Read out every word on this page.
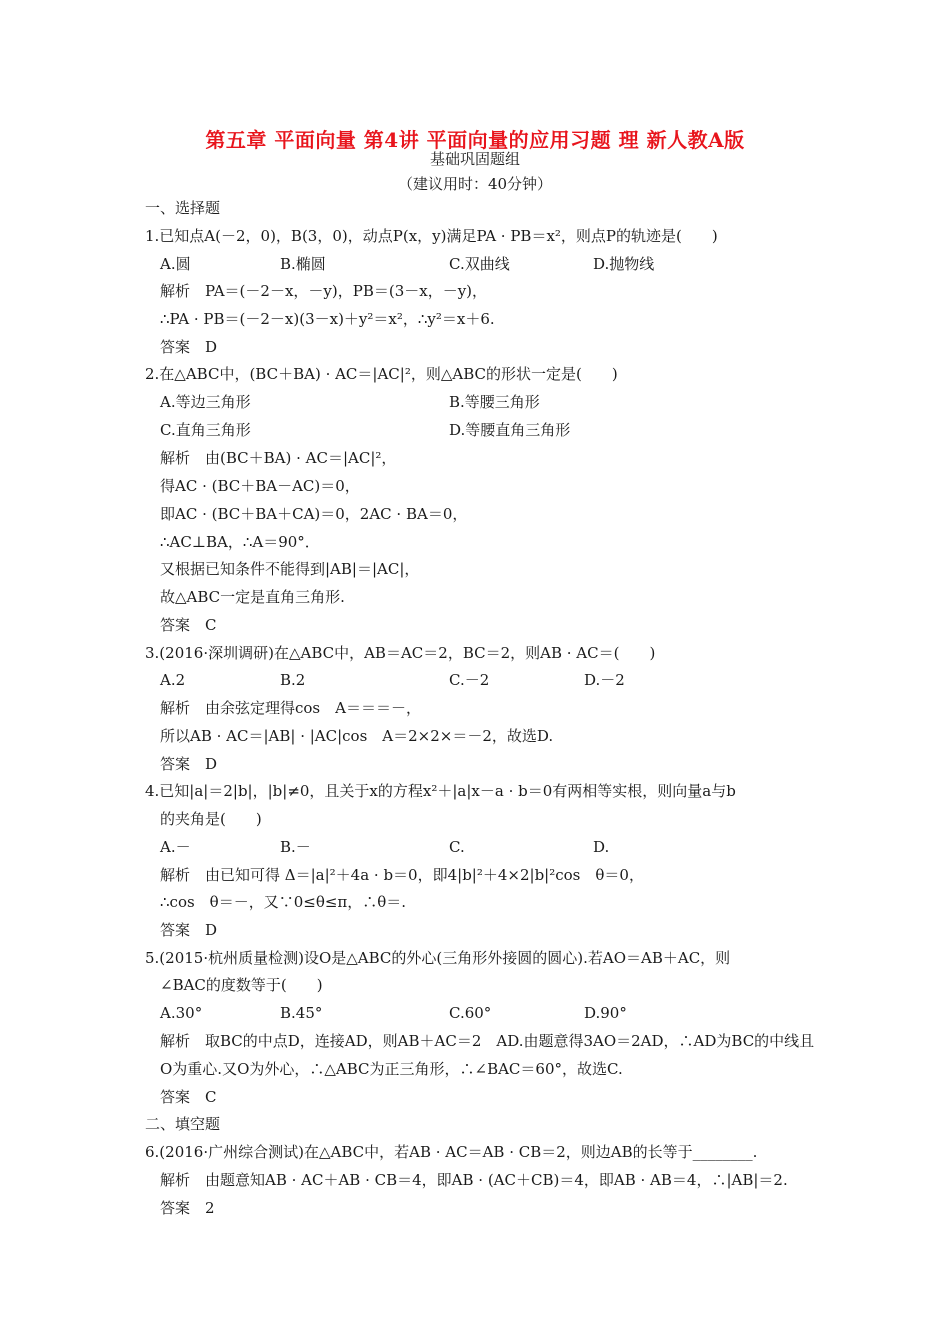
第五章 平面向量 第4讲 平面向量的应用习题 理 新人教A版
基础巩固题组
（建议用时：40分钟）
一、选择题
1.已知点A(－2，0)，B(3，0)，动点P(x，y)满足PA · PB＝x²，则点P的轨迹是(　　)
A.圆	B.椭圆	C.双曲线	D.抛物线
解析　PA＝(－2－x，－y)，PB＝(3－x，－y)，
∴PA · PB＝(－2－x)(3－x)＋y²＝x²，∴y²＝x＋6.
答案　D
2.在△ABC中，(BC＋BA) · AC＝|AC|²，则△ABC的形状一定是(　　)
A.等边三角形	B.等腰三角形
C.直角三角形	D.等腰直角三角形
解析　由(BC＋BA) · AC＝|AC|²，
得AC · (BC＋BA－AC)＝0，
即AC · (BC＋BA＋CA)＝0，2AC · BA＝0，
∴AC⊥BA，∴A＝90°．
又根据已知条件不能得到|AB|＝|AC|，
故△ABC一定是直角三角形.
答案　C
3.(2016·深圳调研)在△ABC中，AB＝AC＝2，BC＝2，则AB · AC＝(　　)
A.2	B.2	C.－2	D.－2
解析　由余弦定理得cos　A＝＝＝－，
所以AB · AC＝|AB| · |AC|cos　A＝2×2×＝－2，故选D.
答案　D
4.已知|a|＝2|b|，|b|≠0，且关于x的方程x²＋|a|x－a · b＝0有两相等实根，则向量a与b
的夹角是(　　)
A.－	B.－	C.	D.
解析　由已知可得 Δ＝|a|²＋4a · b＝0，即4|b|²＋4×2|b|²cos　θ＝0，
∴cos　θ＝－，又∵0≤θ≤π，∴θ＝.
答案　D
5.(2015·杭州质量检测)设O是△ABC的外心(三角形外接圆的圆心).若AO＝AB＋AC，则
∠BAC的度数等于(　　)
A.30°	B.45°	C.60°	D.90°
解析　取BC的中点D，连接AD，则AB＋AC＝2　AD.由题意得3AO＝2AD，∴AD为BC的中线且
O为重心.又O为外心，∴△ABC为正三角形，∴∠BAC＝60°，故选C.
答案　C
二、填空题
6.(2016·广州综合测试)在△ABC中，若AB · AC＝AB · CB＝2，则边AB的长等于________.
解析　由题意知AB · AC＋AB · CB＝4，即AB · (AC＋CB)＝4，即AB · AB＝4，∴|AB|＝2.
答案　2
